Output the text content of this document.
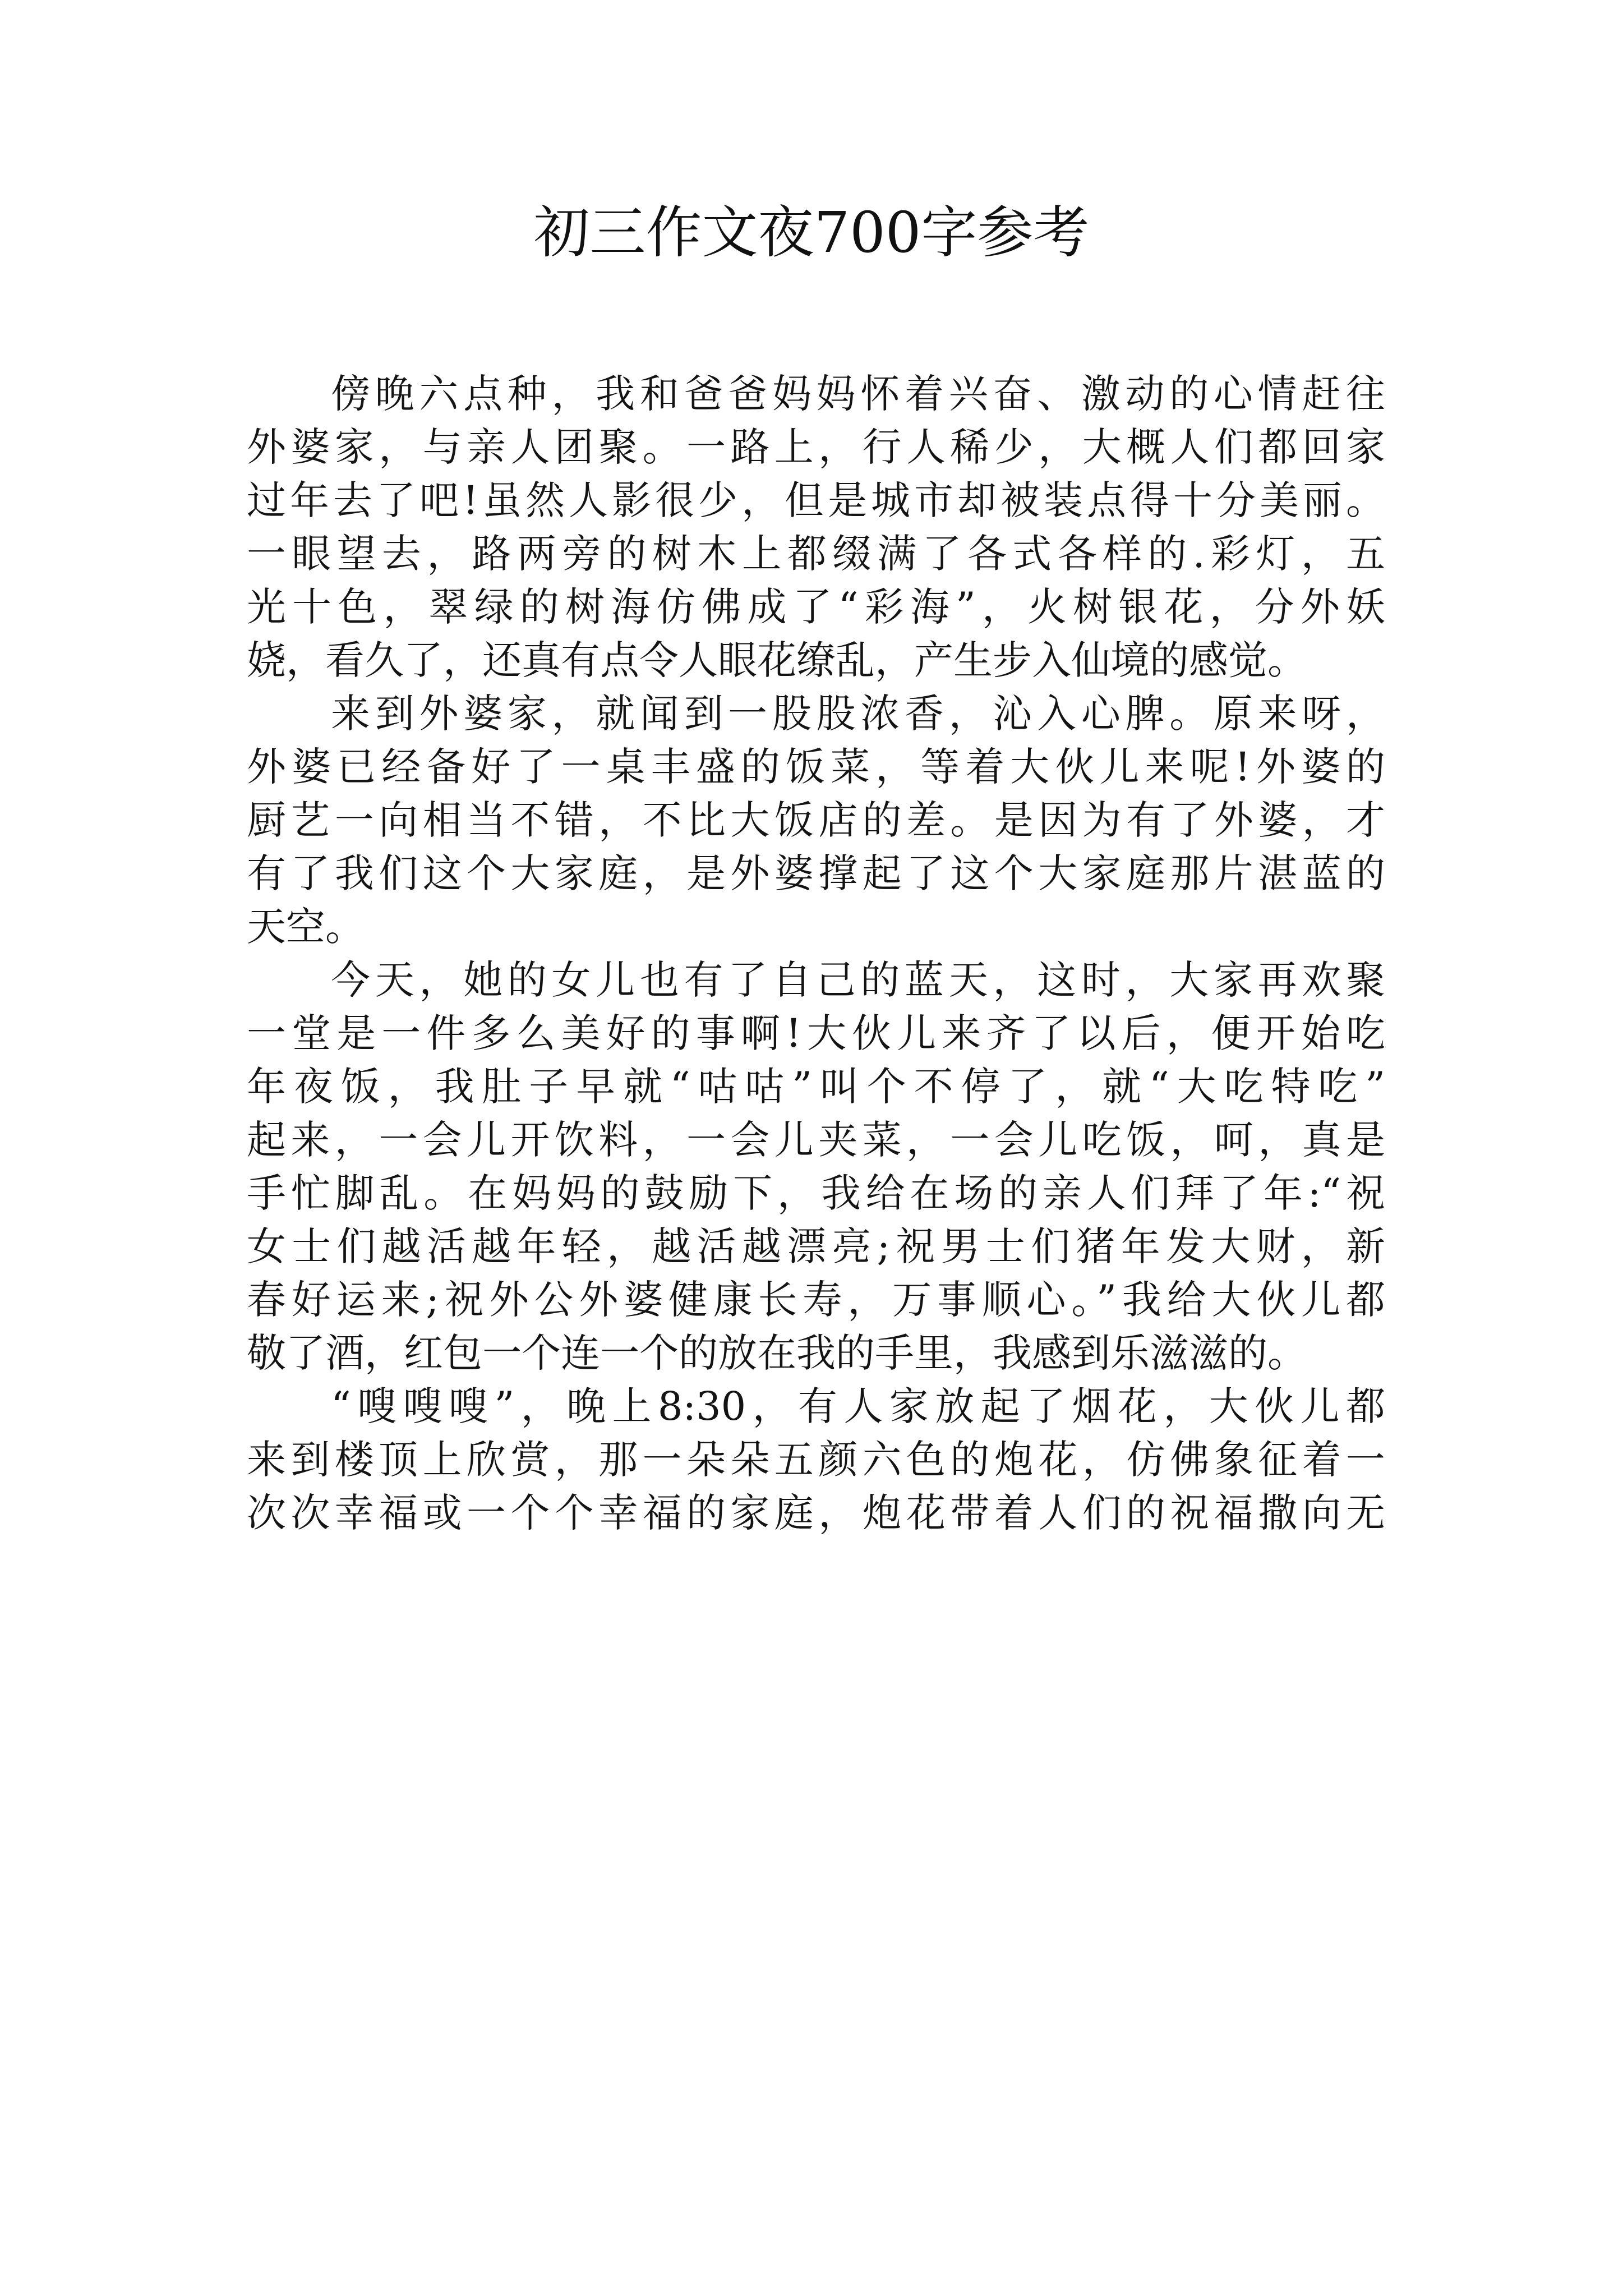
初三作文夜700字参考
傍晚六点种，我和爸爸妈妈怀着兴奋、激动的心情赶往
外婆家，与亲人团聚。一路上，行人稀少，大概人们都回家
过年去了吧!虽然人影很少，但是城市却被装点得十分美丽。
一眼望去，路两旁的树木上都缀满了各式各样的.彩灯，五
光十色，翠绿的树海仿佛成了“彩海”，火树银花，分外妖
娆，看久了，还真有点令人眼花缭乱，产生步入仙境的感觉。
来到外婆家，就闻到一股股浓香，沁入心脾。原来呀，
外婆已经备好了一桌丰盛的饭菜，等着大伙儿来呢!外婆的
厨艺一向相当不错，不比大饭店的差。是因为有了外婆，才
有了我们这个大家庭，是外婆撑起了这个大家庭那片湛蓝的
天空。
今天，她的女儿也有了自己的蓝天，这时，大家再欢聚
一堂是一件多么美好的事啊!大伙儿来齐了以后，便开始吃
年夜饭，我肚子早就“咕咕”叫个不停了，就“大吃特吃”
起来，一会儿开饮料，一会儿夹菜，一会儿吃饭，呵，真是
手忙脚乱。在妈妈的鼓励下，我给在场的亲人们拜了年:“祝
女士们越活越年轻，越活越漂亮;祝男士们猪年发大财，新
春好运来;祝外公外婆健康长寿，万事顺心。”我给大伙儿都
敬了酒，红包一个连一个的放在我的手里，我感到乐滋滋的。
“嗖嗖嗖”，晚上8:30，有人家放起了烟花，大伙儿都
来到楼顶上欣赏，那一朵朵五颜六色的炮花，仿佛象征着一
次次幸福或一个个幸福的家庭，炮花带着人们的祝福撒向无
